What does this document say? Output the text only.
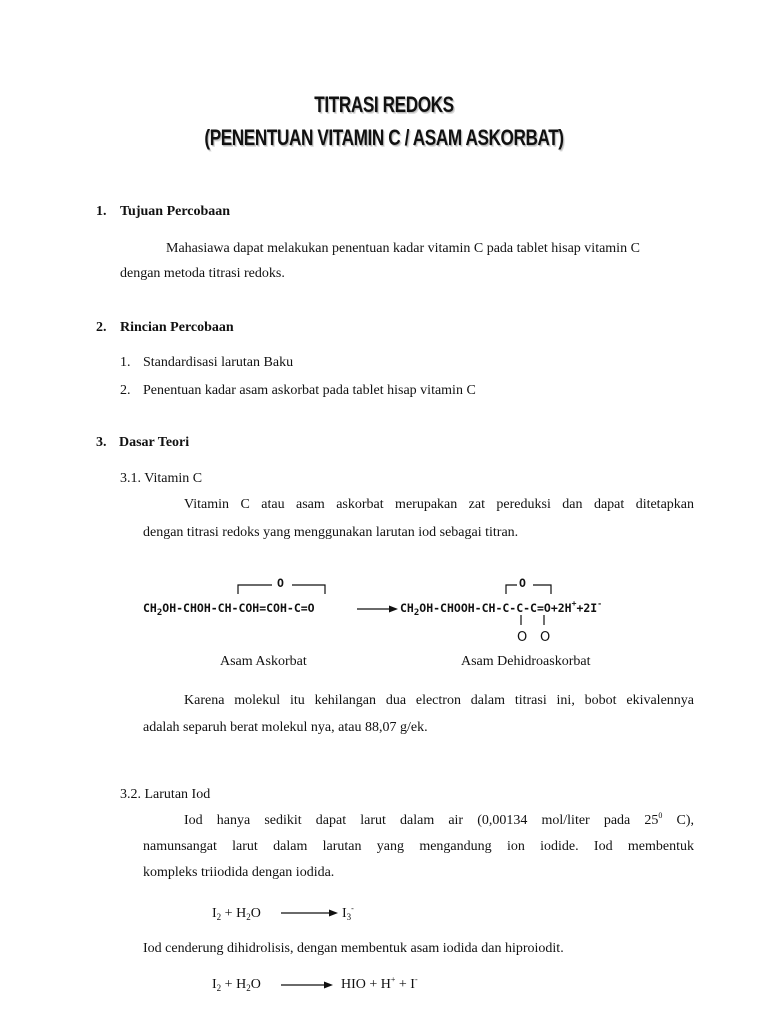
TITRASI REDOKS
(PENENTUAN VITAMIN C / ASAM ASKORBAT)
1. Tujuan Percobaan
Mahasiawa dapat melakukan penentuan kadar vitamin C pada tablet hisap vitamin C
dengan metoda titrasi redoks.
2. Rincian Percobaan
1. Standardisasi larutan Baku
2. Penentuan kadar asam askorbat pada tablet hisap vitamin C
3. Dasar Teori
3.1. Vitamin C
Vitamin C atau asam askorbat merupakan zat pereduksi dan dapat ditetapkan
dengan titrasi redoks yang menggunakan larutan iod sebagai titran.
O	O
$CH_2OH-CHOH-CH-COH=COH-C=O$	$CH_2OH-CHOOH-CH-C-C-C=O+2H^++2I^-$
O O
Asam Askorbat	Asam Dehidroaskorbat
Karena molekul itu kehilangan dua electron dalam titrasi ini, bobot ekivalennya
adalah separuh berat molekul nya, atau 88,07 g/ek.
3.2. Larutan Iod
Iod hanya sedikit dapat larut dalam air (0,00134 mol/liter pada $25^0$ C),
namunsangat larut dalam larutan yang mengandung ion iodide. Iod membentuk
kompleks triiodida dengan iodida.
$I_2 + H_2O$	$I_3^-$
Iod cenderung dihidrolisis, dengan membentuk asam iodida dan hiproiodit.
$I_2 + H_2O$	HIO + H+ + I-
